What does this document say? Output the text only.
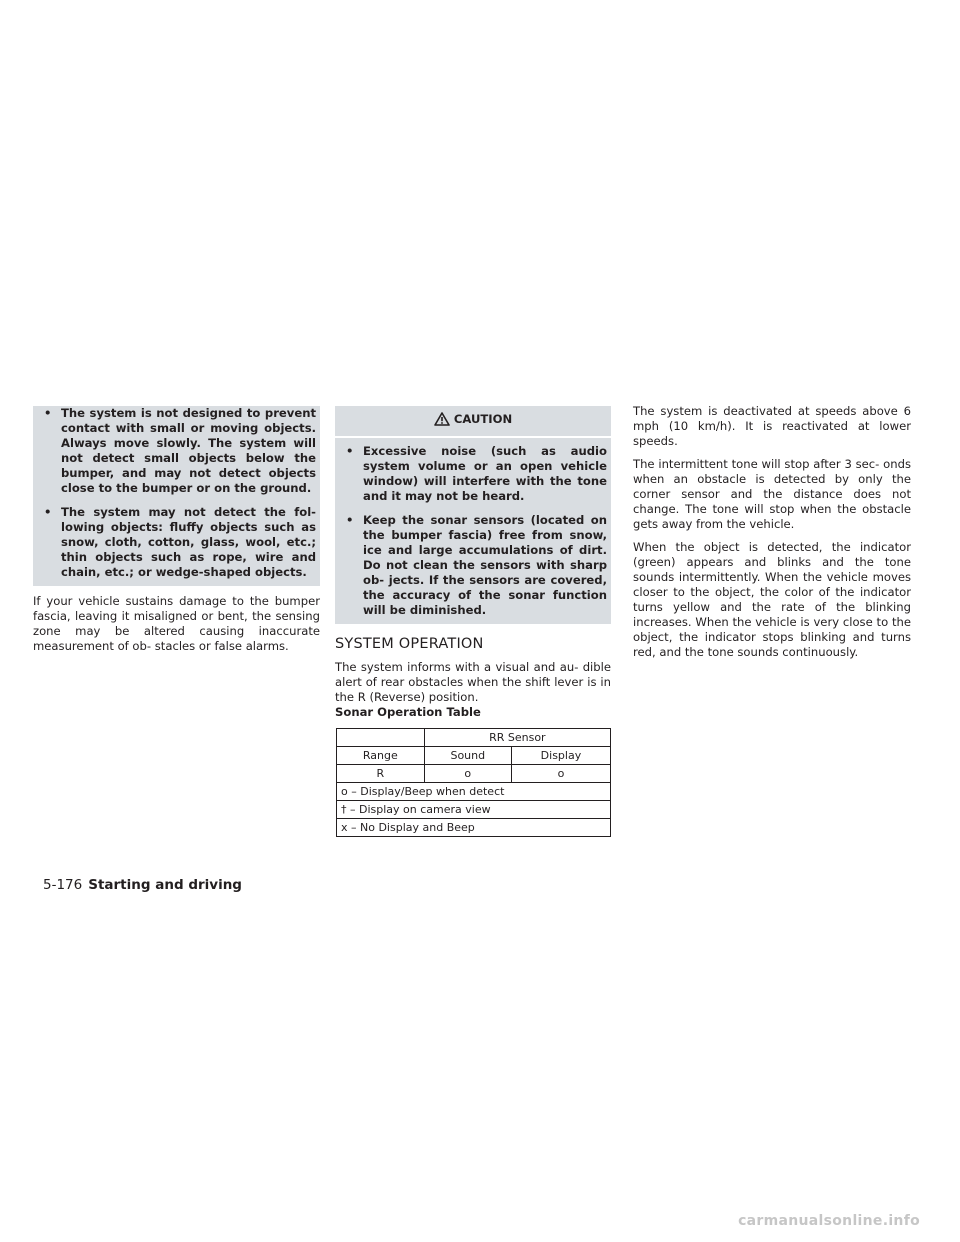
• The system is not designed to prevent contact with small or moving objects. Always move slowly. The system will not detect small objects below the bumper, and may not detect objects close to the bumper or on the ground.
• The system may not detect the fol- lowing objects: fluffy objects such as snow, cloth, cotton, glass, wool, etc.; thin objects such as rope, wire and chain, etc.; or wedge-shaped objects.

If your vehicle sustains damage to the bumper fascia, leaving it misaligned or bent, the sensing zone may be altered causing inaccurate measurement of ob- stacles or false alarms.

CAUTION
• Excessive noise (such as audio system volume or an open vehicle window) will interfere with the tone and it may not be heard.
• Keep the sonar sensors (located on the bumper fascia) free from snow, ice and large accumulations of dirt. Do not clean the sensors with sharp ob- jects. If the sensors are covered, the accuracy of the sonar function will be diminished.
SYSTEM OPERATION

The system informs with a visual and au- dible alert of rear obstacles when the shift lever is in the R (Reverse) position.

Sonar Operation Table
	RR Sensor	
Range	Sound	Display
R	o	o
o – Display/Beep when detect		
† – Display on camera view		
x – No Display and Beep		

The system is deactivated at speeds above 6 mph (10 km/h). It is reactivated at lower speeds.

The intermittent tone will stop after 3 sec- onds when an obstacle is detected by only the corner sensor and the distance does not change. The tone will stop when the obstacle gets away from the vehicle.

When the object is detected, the indicator (green) appears and blinks and the tone sounds intermittently. When the vehicle moves closer to the object, the color of the indicator turns yellow and the rate of the blinking increases. When the vehicle is very close to the object, the indicator stops blinking and turns red, and the tone sounds continuously.

5-176 Starting and driving
carmanualsonline.info
